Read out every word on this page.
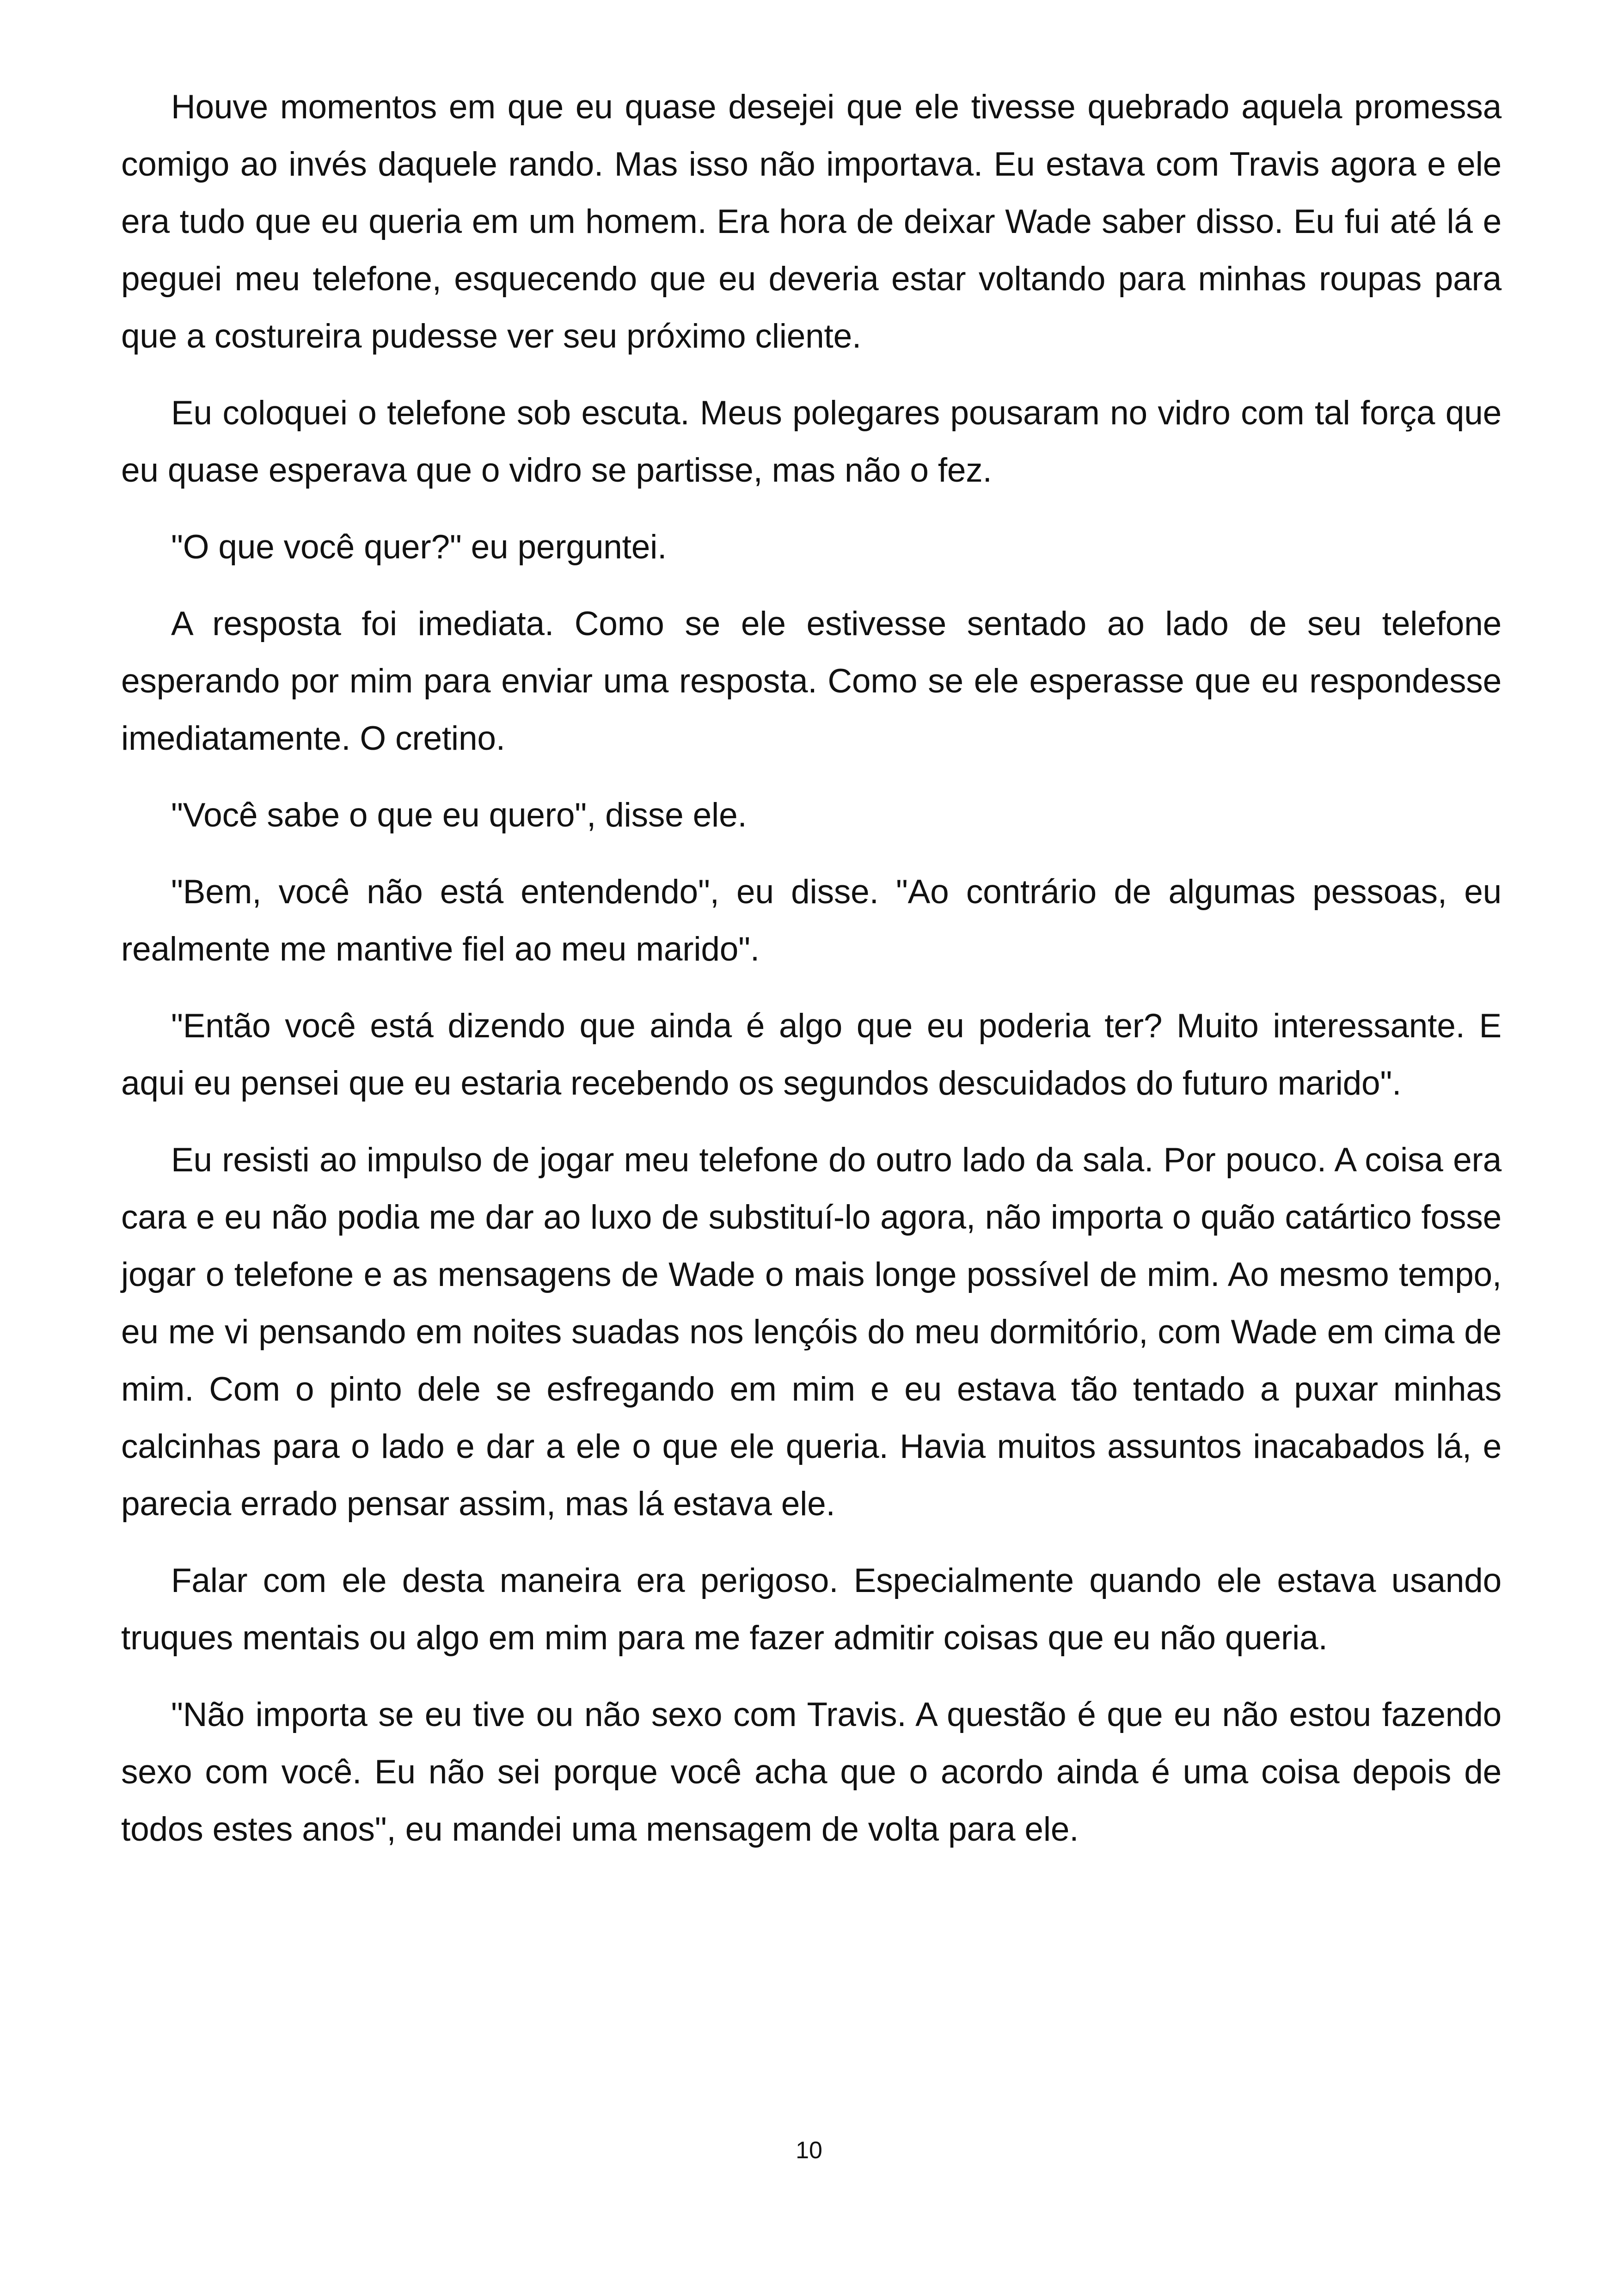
Houve momentos em que eu quase desejei que ele tivesse quebrado aquela promessa comigo ao invés daquele rando. Mas isso não importava. Eu estava com Travis agora e ele era tudo que eu queria em um homem. Era hora de deixar Wade saber disso. Eu fui até lá e peguei meu telefone, esquecendo que eu deveria estar voltando para minhas roupas para que a costureira pudesse ver seu próximo cliente.

Eu coloquei o telefone sob escuta. Meus polegares pousaram no vidro com tal força que eu quase esperava que o vidro se partisse, mas não o fez.

"O que você quer?" eu perguntei.

A resposta foi imediata. Como se ele estivesse sentado ao lado de seu telefone esperando por mim para enviar uma resposta. Como se ele esperasse que eu respondesse imediatamente. O cretino.

"Você sabe o que eu quero", disse ele.

"Bem, você não está entendendo", eu disse. "Ao contrário de algumas pessoas, eu realmente me mantive fiel ao meu marido".

"Então você está dizendo que ainda é algo que eu poderia ter? Muito interessante. E aqui eu pensei que eu estaria recebendo os segundos descuidados do futuro marido".

Eu resisti ao impulso de jogar meu telefone do outro lado da sala. Por pouco. A coisa era cara e eu não podia me dar ao luxo de substituí-lo agora, não importa o quão catártico fosse jogar o telefone e as mensagens de Wade o mais longe possível de mim. Ao mesmo tempo, eu me vi pensando em noites suadas nos lençóis do meu dormitório, com Wade em cima de mim. Com o pinto dele se esfregando em mim e eu estava tão tentado a puxar minhas calcinhas para o lado e dar a ele o que ele queria. Havia muitos assuntos inacabados lá, e parecia errado pensar assim, mas lá estava ele.

Falar com ele desta maneira era perigoso. Especialmente quando ele estava usando truques mentais ou algo em mim para me fazer admitir coisas que eu não queria.

"Não importa se eu tive ou não sexo com Travis. A questão é que eu não estou fazendo sexo com você. Eu não sei porque você acha que o acordo ainda é uma coisa depois de todos estes anos", eu mandei uma mensagem de volta para ele.

10
